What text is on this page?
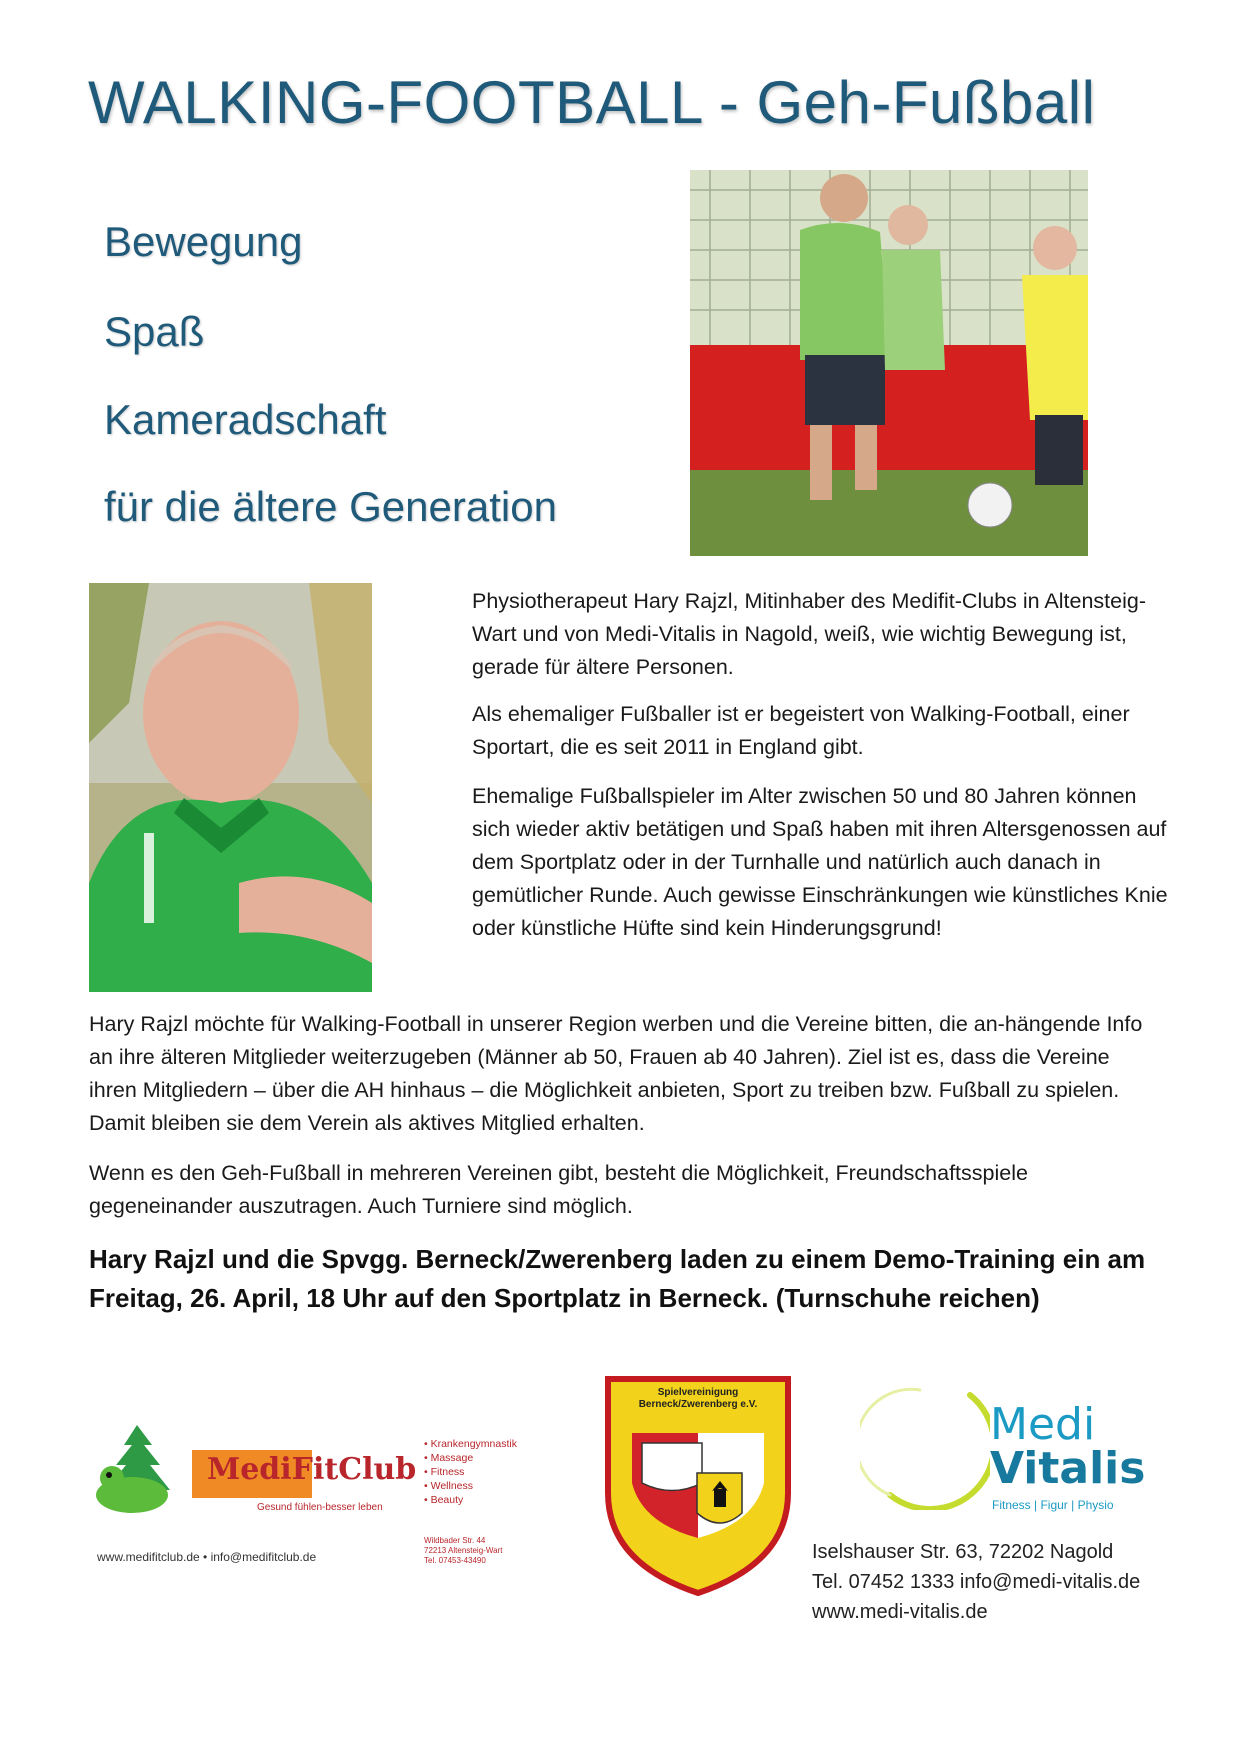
WALKING-FOOTBALL - Geh-Fußball

Bewegung

Spaß

Kameradschaft

für die ältere Generation

Physiotherapeut Hary Rajzl, Mitinhaber des Medifit-Clubs in Altensteig-Wart und von Medi-Vitalis in Nagold, weiß, wie wichtig Bewegung ist, gerade für ältere Personen.

Als ehemaliger Fußballer ist er begeistert von Walking-Football, einer Sportart, die es seit 2011 in England gibt.

Ehemalige Fußballspieler im Alter zwischen 50 und 80 Jahren können sich wieder aktiv betätigen und Spaß haben mit ihren Altersgenossen auf dem Sportplatz oder in der Turnhalle und natürlich auch danach in gemütlicher Runde. Auch gewisse Einschränkungen wie künstliches Knie oder künstliche Hüfte sind kein Hinderungsgrund!

Hary Rajzl möchte für Walking-Football in unserer Region werben und die Vereine bitten, die an-hängende Info an ihre älteren Mitglieder weiterzugeben (Männer ab 50, Frauen ab 40 Jahren). Ziel ist es, dass die Vereine ihren Mitgliedern – über die AH hinhaus – die Möglichkeit anbieten, Sport zu treiben bzw. Fußball zu spielen. Damit bleiben sie dem Verein als aktives Mitglied erhalten.

Wenn es den Geh-Fußball in mehreren Vereinen gibt, besteht die Möglichkeit, Freundschaftsspiele gegeneinander auszutragen. Auch Turniere sind möglich.

Hary Rajzl und die Spvgg. Berneck/Zwerenberg laden zu einem Demo-Training ein am Freitag, 26. April, 18 Uhr auf den Sportplatz in Berneck. (Turnschuhe reichen)

MediFitClub
Gesund fühlen-besser leben
www.medifitclub.de • info@medifitclub.de
• Krankengymnastik
• Massage
• Fitness
• Wellness
• Beauty
Wildbader Str. 44
72213 Altensteig-Wart
Tel. 07453-43490
Spielvereinigung
Berneck/Zwerenberg e.V.	Medi
Vitalis
Fitness | Figur | Physio
Iselshauser Str. 63, 72202 Nagold
Tel. 07452 1333 info@medi-vitalis.de
www.medi-vitalis.de
